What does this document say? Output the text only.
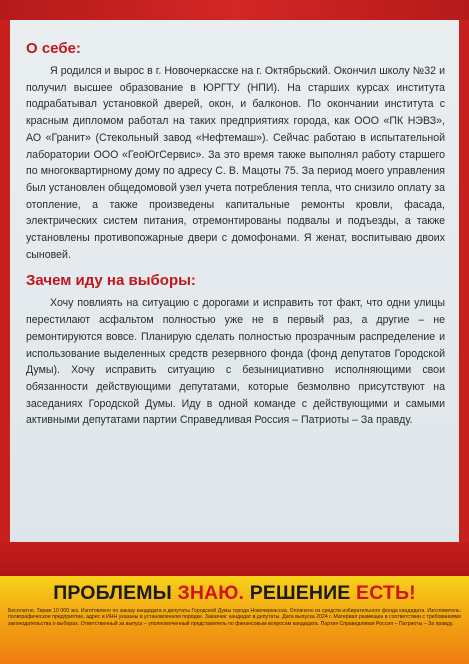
О себе:

Я родился и вырос в г. Новочеркасске на г. Октябрьский. Окончил школу №32 и получил высшее образование в ЮРГТУ (НПИ). На старших курсах института подрабатывал установкой дверей, окон, и балконов. По окончании института с красным дипломом работал на таких предприятиях города, как ООО «ПК НЭВЗ», АО «Гранит» (Стекольный завод «Нефтемаш»). Сейчас работаю в испытательной лаборатории ООО «ГеоЮгСервис». За это время также выполнял работу старшего по многоквартирному дому по адресу С. В. Мацоты 75. За период моего управления был установлен общедомовой узел учета потребления тепла, что снизило оплату за отопление, а также произведены капитальные ремонты кровли, фасада, электрических систем питания, отремонтированы подвалы и подъезды, а также установлены противопожарные двери с домофонами. Я женат, воспитываю двоих сыновей.

Зачем иду на выборы:

Хочу повлиять на ситуацию с дорогами и исправить тот факт, что одни улицы перестилают асфальтом полностью уже не в первый раз, а другие – не ремонтируются вовсе. Планирую сделать полностью прозрачным распределение и использование выделенных средств резервного фонда (фонд депутатов Городской Думы). Хочу исправить ситуацию с безынициативно исполняющими свои обязанности действующими депутатами, которые безмолвно присутствуют на заседаниях Городской Думы. Иду в одной команде с действующими и самыми активными депутатами партии Справедливая Россия – Патриоты – За правду.

ПРОБЛЕМЫ ЗНАЮ. РЕШЕНИЕ ЕСТЬ!
Бесплатно. Тираж 10 000 экз. Изготовлено по заказу кандидата в депутаты Городской Думы города Новочеркасска. Оплачено из средств избирательного фонда кандидата. Изготовитель: полиграфическое предприятие, адрес и ИНН указаны в установленном порядке. Заказчик: кандидат в депутаты. Дата выпуска 2024 г. Материал размещен в соответствии с требованиями законодательства о выборах. Ответственный за выпуск – уполномоченный представитель по финансовым вопросам кандидата. Партия Справедливая Россия – Патриоты – За правду.
